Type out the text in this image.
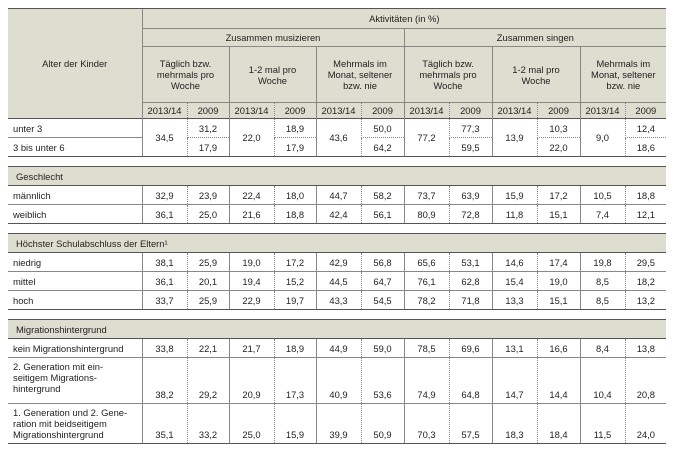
Alter der Kinder	Aktivitäten (in %)											
	Zusammen musizieren						Zusammen singen					

	Täglich bzw.
mehrmals pro
Woche		1-2 mal pro
Woche		Mehrmals im
Monat, seltener
bzw. nie		Täglich bzw.
mehrmals pro
Woche		1-2 mal pro
Woche		Mehrmals im
Monat, seltener
bzw. nie	

	2013/14	2009	2013/14	2009	2013/14	2009	2013/14	2009	2013/14	2009	2013/14	2009
unter 3	34,5	31,2	22,0	18,9	43,6	50,0	77,2	77,3	13,9	10,3	9,0	12,4
3 bis unter 6		17,9		17,9		64,2		59,5		22,0		18,6

Geschlecht												
männlich	32,9	23,9	22,4	18,0	44,7	58,2	73,7	63,9	15,9	17,2	10,5	18,8
weiblich	36,1	25,0	21,6	18,8	42,4	56,1	80,9	72,8	11,8	15,1	7,4	12,1

Höchster Schulabschluss der Eltern¹												
niedrig	38,1	25,9	19,0	17,2	42,9	56,8	65,6	53,1	14,6	17,4	19,8	29,5
mittel	36,1	20,1	19,4	15,2	44,5	64,7	76,1	62,8	15,4	19,0	8,5	18,2
hoch	33,7	25,9	22,9	19,7	43,3	54,5	78,2	71,8	13,3	15,1	8,5	13,2

Migrationshintergrund												
kein Migrationshintergrund	33,8	22,1	21,7	18,9	44,9	59,0	78,5	69,6	13,1	16,6	8,4	13,8

2. Generation mit ein-
seitigem Migrations-
hintergrund	38,2	29,2	20,9	17,3	40,9	53,6	74,9	64,8	14,7	14,4	10,4	20,8

1. Generation und 2. Gene-
ration mit beidseitigem
Migrationshintergrund	35,1	33,2	25,0	15,9	39,9	50,9	70,3	57,5	18,3	18,4	11,5	24,0
